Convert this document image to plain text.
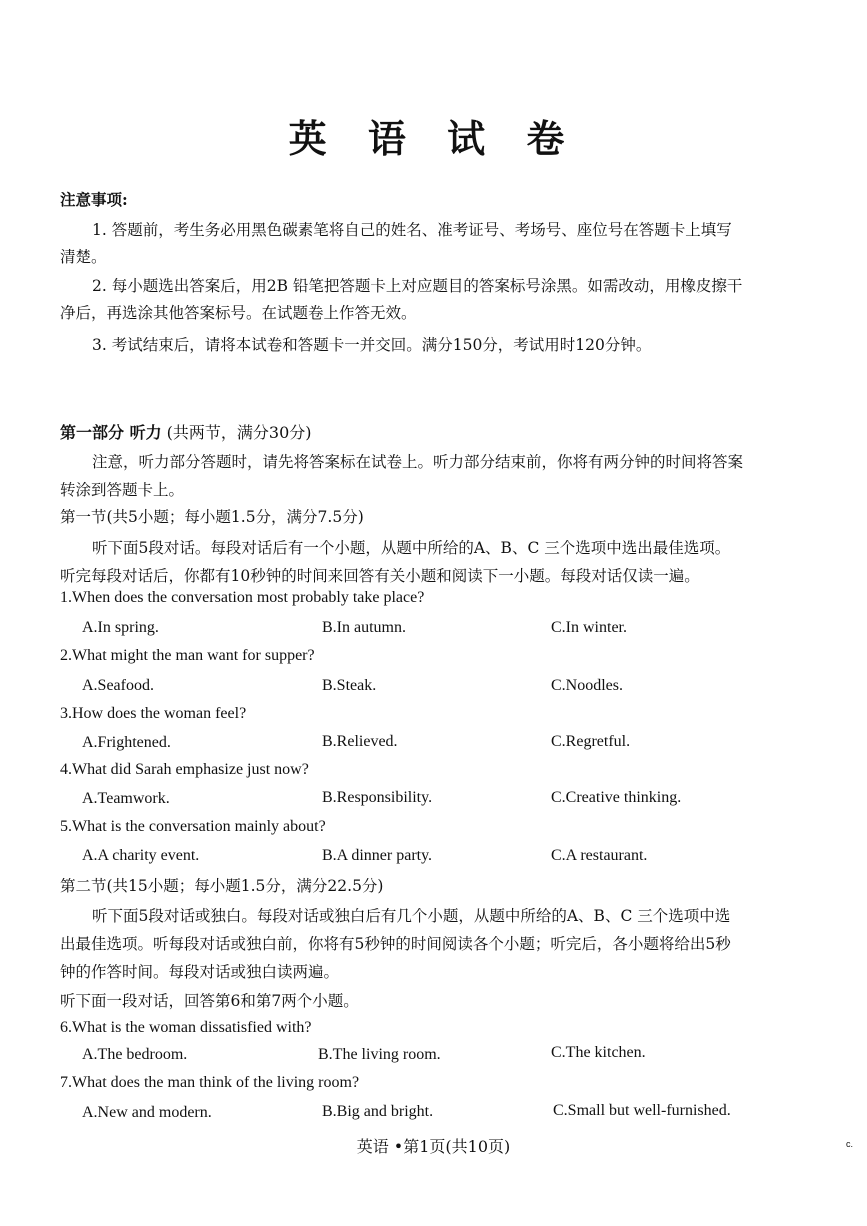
英 语 试 卷
注意事项:
1. 答题前，考生务必用黑色碳素笔将自己的姓名、准考证号、考场号、座位号在答题卡上填写
清楚。
2. 每小题选出答案后，用2B 铅笔把答题卡上对应题目的答案标号涂黑。如需改动，用橡皮擦干
净后，再选涂其他答案标号。在试题卷上作答无效。
3. 考试结束后，请将本试卷和答题卡一并交回。满分150分，考试用时120分钟。
第一部分 听力 (共两节，满分30分)
注意，听力部分答题时，请先将答案标在试卷上。听力部分结束前，你将有两分钟的时间将答案
转涂到答题卡上。
第一节(共5小题；每小题1.5分，满分7.5分)
听下面5段对话。每段对话后有一个小题，从题中所给的A、B、C 三个选项中选出最佳选项。
听完每段对话后，你都有10秒钟的时间来回答有关小题和阅读下一小题。每段对话仅读一遍。
1.When does the conversation most probably take place?
A.In spring.	B.In autumn.	C.In winter.
2.What might the man want for supper?
A.Seafood.	B.Steak.	C.Noodles.
3.How does the woman feel?
A.Frightened.	B.Relieved.	C.Regretful.
4.What did Sarah emphasize just now?
A.Teamwork.	B.Responsibility.	C.Creative thinking.
5.What is the conversation mainly about?
A.A charity event.	B.A dinner party.	C.A restaurant.
第二节(共15小题；每小题1.5分，满分22.5分)
听下面5段对话或独白。每段对话或独白后有几个小题，从题中所给的A、B、C 三个选项中选
出最佳选项。听每段对话或独白前，你将有5秒钟的时间阅读各个小题；听完后，各小题将给出5秒
钟的作答时间。每段对话或独白读两遍。
听下面一段对话，回答第6和第7两个小题。
6.What is the woman dissatisfied with?
A.The bedroom.	B.The living room.	C.The kitchen.
7.What does the man think of the living room?
A.New and modern.	B.Big and bright.	C.Small but well-furnished.
英语 •第1页(共10页)	c.
